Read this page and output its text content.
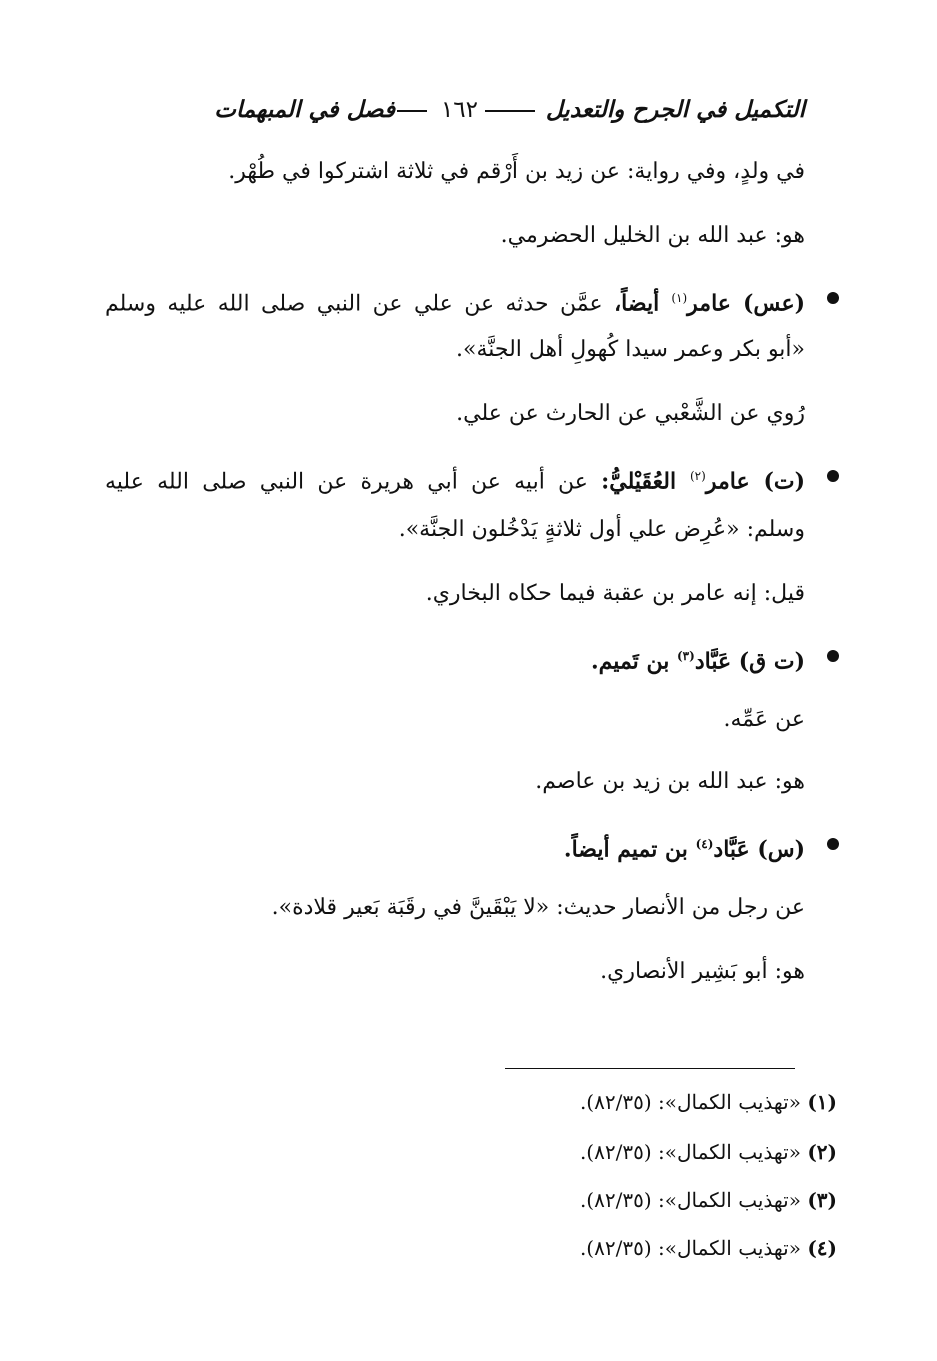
التكميل في الجرح والتعديل
١٦٢
فصل في المبهمات
في ولدٍ، وفي رواية: عن زيد بن أَرْقم في ثلاثة اشتركوا في طُهْر.
هو: عبد الله بن الخليل الحضرمي.
(عس) عامر$^{(١)}$ أيضاً، عمَّن حدثه عن علي عن النبي صلى الله عليه وسلم
«أبو بكر وعمر سيدا كُهولِ أهل الجنَّة».
رُوي عن الشَّعْبي عن الحارث عن علي.
(ت) عامر$^{(٢)}$ العُقَيْليُّ: عن أبيه عن أبي هريرة عن النبي صلى الله عليه
وسلم: «عُرِض علي أول ثلاثةٍ يَدْخُلون الجنَّة».
قيل: إنه عامر بن عقبة فيما حكاه البخاري.
(ت ق) عَبَّاد$^{(٣)}$ بن تَميم.
عن عَمِّه.
هو: عبد الله بن زيد بن عاصم.
(س) عَبَّاد$^{(٤)}$ بن تميم أيضاً.
عن رجل من الأنصار حديث: «لا يَبْقَينَّ في رقَبَة بَعير قلادة».
هو: أبو بَشِير الأنصاري.
(١) «تهذيب الكمال»: (٨٢/٣٥).
(٢) «تهذيب الكمال»: (٨٢/٣٥).
(٣) «تهذيب الكمال»: (٨٢/٣٥).
(٤) «تهذيب الكمال»: (٨٢/٣٥).
